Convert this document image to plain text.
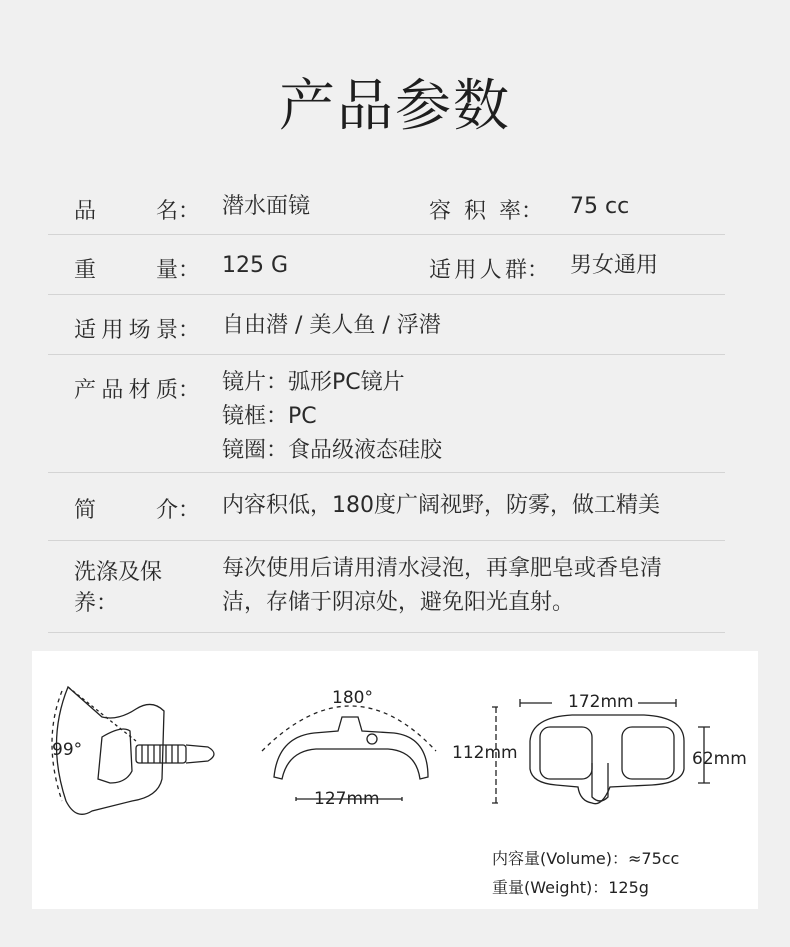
产品参数
品	名： 潜水面镜	容 积 率： 75 cc
重	量： 125 G	适 用 人 群： 男女通用
适 用 场 景： 自由潜 / 美人鱼 / 浮潜
产 品 材 质： 镜片：弧形PC镜片
镜框：PC
镜圈：食品级液态硅胶
简	介： 内容积低，180度广阔视野，防雾，做工精美
洗涤及保养：
每次使用后请用清水浸泡，再拿肥皂或香皂清
洁，存储于阴凉处，避免阳光直射。
99°
180°
127mm
172mm
112mm	62mm
内容量(Volume)：≈75cc
重量(Weight)：125g
